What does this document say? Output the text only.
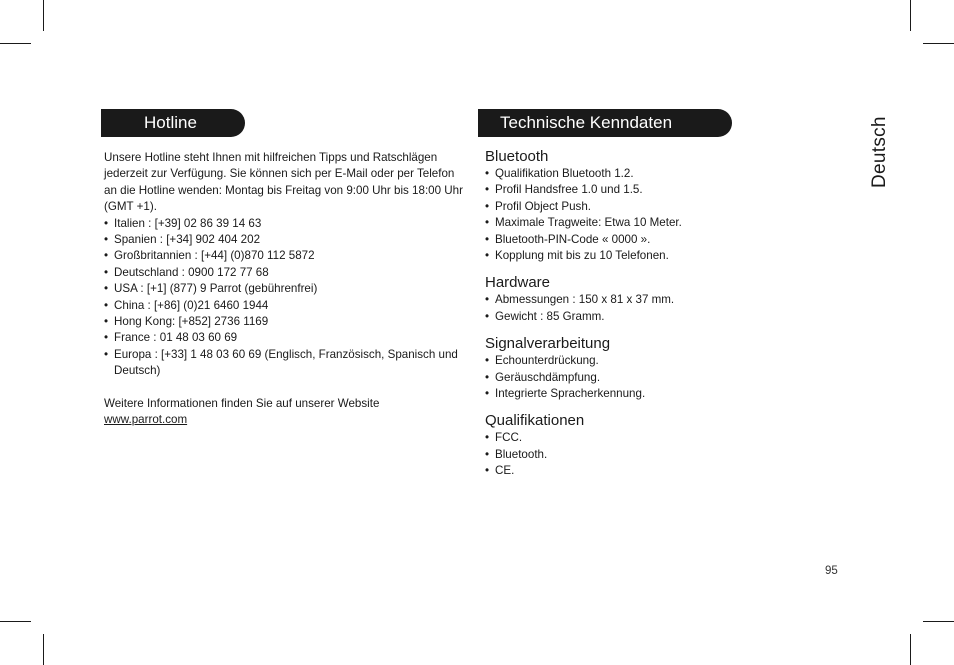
Hotline	Technische Kenndaten

Unsere Hotline steht Ihnen mit hilfreichen Tipps und Ratschlägen jederzeit zur Verfügung. Sie können sich per E-Mail oder per Telefon an die Hotline wenden: Montag bis Freitag von 9:00 Uhr bis 18:00 Uhr (GMT +1).

• Italien : [+39] 02 86 39 14 63
• Spanien : [+34] 902 404 202
• Großbritannien : [+44] (0)870 112 5872
• Deutschland : 0900 172 77 68
• USA : [+1] (877) 9 Parrot (gebührenfrei)
• China : [+86] (0)21 6460 1944
• Hong Kong: [+852] 2736 1169
• France : 01 48 03 60 69
• Europa : [+33] 1 48 03 60 69 (Englisch, Französisch, Spanisch und Deutsch)

Weitere Informationen finden Sie auf unserer Website www.parrot.com

Bluetooth
• Qualifikation Bluetooth 1.2.
• Profil Handsfree 1.0 und 1.5.
• Profil Object Push.
• Maximale Tragweite: Etwa 10 Meter.
• Bluetooth-PIN-Code « 0000 ».
• Kopplung mit bis zu 10 Telefonen.
Hardware
• Abmessungen : 150 x 81 x 37 mm.
• Gewicht : 85 Gramm.
Signalverarbeitung
• Echounterdrückung.
• Geräuschdämpfung.
• Integrierte Spracherkennung.
Qualifikationen
• FCC.
• Bluetooth.
• CE.
Deutsch
95
